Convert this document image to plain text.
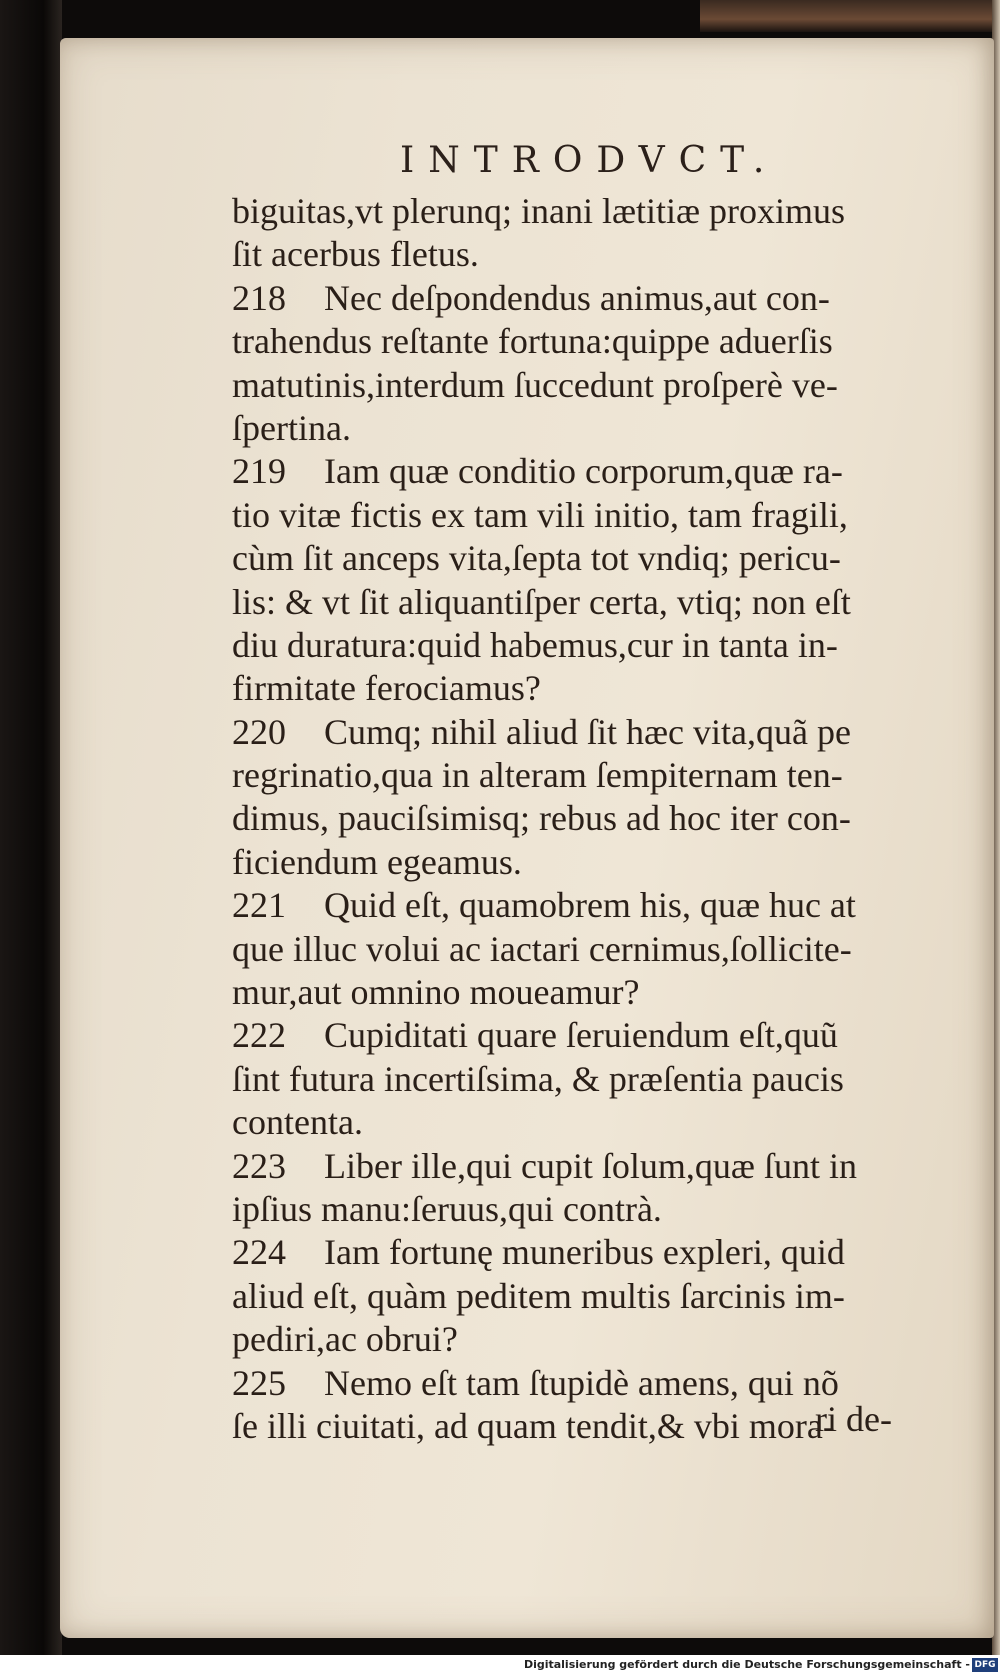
INTRODVCT.
biguitas,vt plerunq; inani lætitiæ proximus
ſit acerbus fletus.
218 Nec deſpondendus animus,aut con-
trahendus reſtante fortuna:quippe aduerſis
matutinis,interdum ſuccedunt proſperè ve-
ſpertina.
219 Iam quæ conditio corporum,quæ ra-
tio vitæ fictis ex tam vili initio, tam fragili,
cùm ſit anceps vita,ſepta tot vndiq; pericu-
lis: & vt ſit aliquantiſper certa, vtiq; non eſt
diu duratura:quid habemus,cur in tanta in-
firmitate ferociamus?
220 Cumq; nihil aliud ſit hæc vita,quã pe
regrinatio,qua in alteram ſempiternam ten-
dimus, pauciſsimisq; rebus ad hoc iter con-
ficiendum egeamus.
221 Quid eſt, quamobrem his, quæ huc at
que illuc volui ac iactari cernimus,ſollicite-
mur,aut omnino moueamur?
222 Cupiditati quare ſeruiendum eſt,quũ
ſint futura incertiſsima, & præſentia paucis
contenta.
223 Liber ille,qui cupit ſolum,quæ ſunt in
ipſius manu:ſeruus,qui contrà.
224 Iam fortunę muneribus expleri, quid
aliud eſt, quàm peditem multis ſarcinis im-
pediri,ac obrui?
225 Nemo eſt tam ſtupidè amens, qui nõ
ſe illi ciuitati, ad quam tendit,& vbi mora-
ri de-
Digitalisierung gefördert durch die Deutsche Forschungsgemeinschaft - DFG
